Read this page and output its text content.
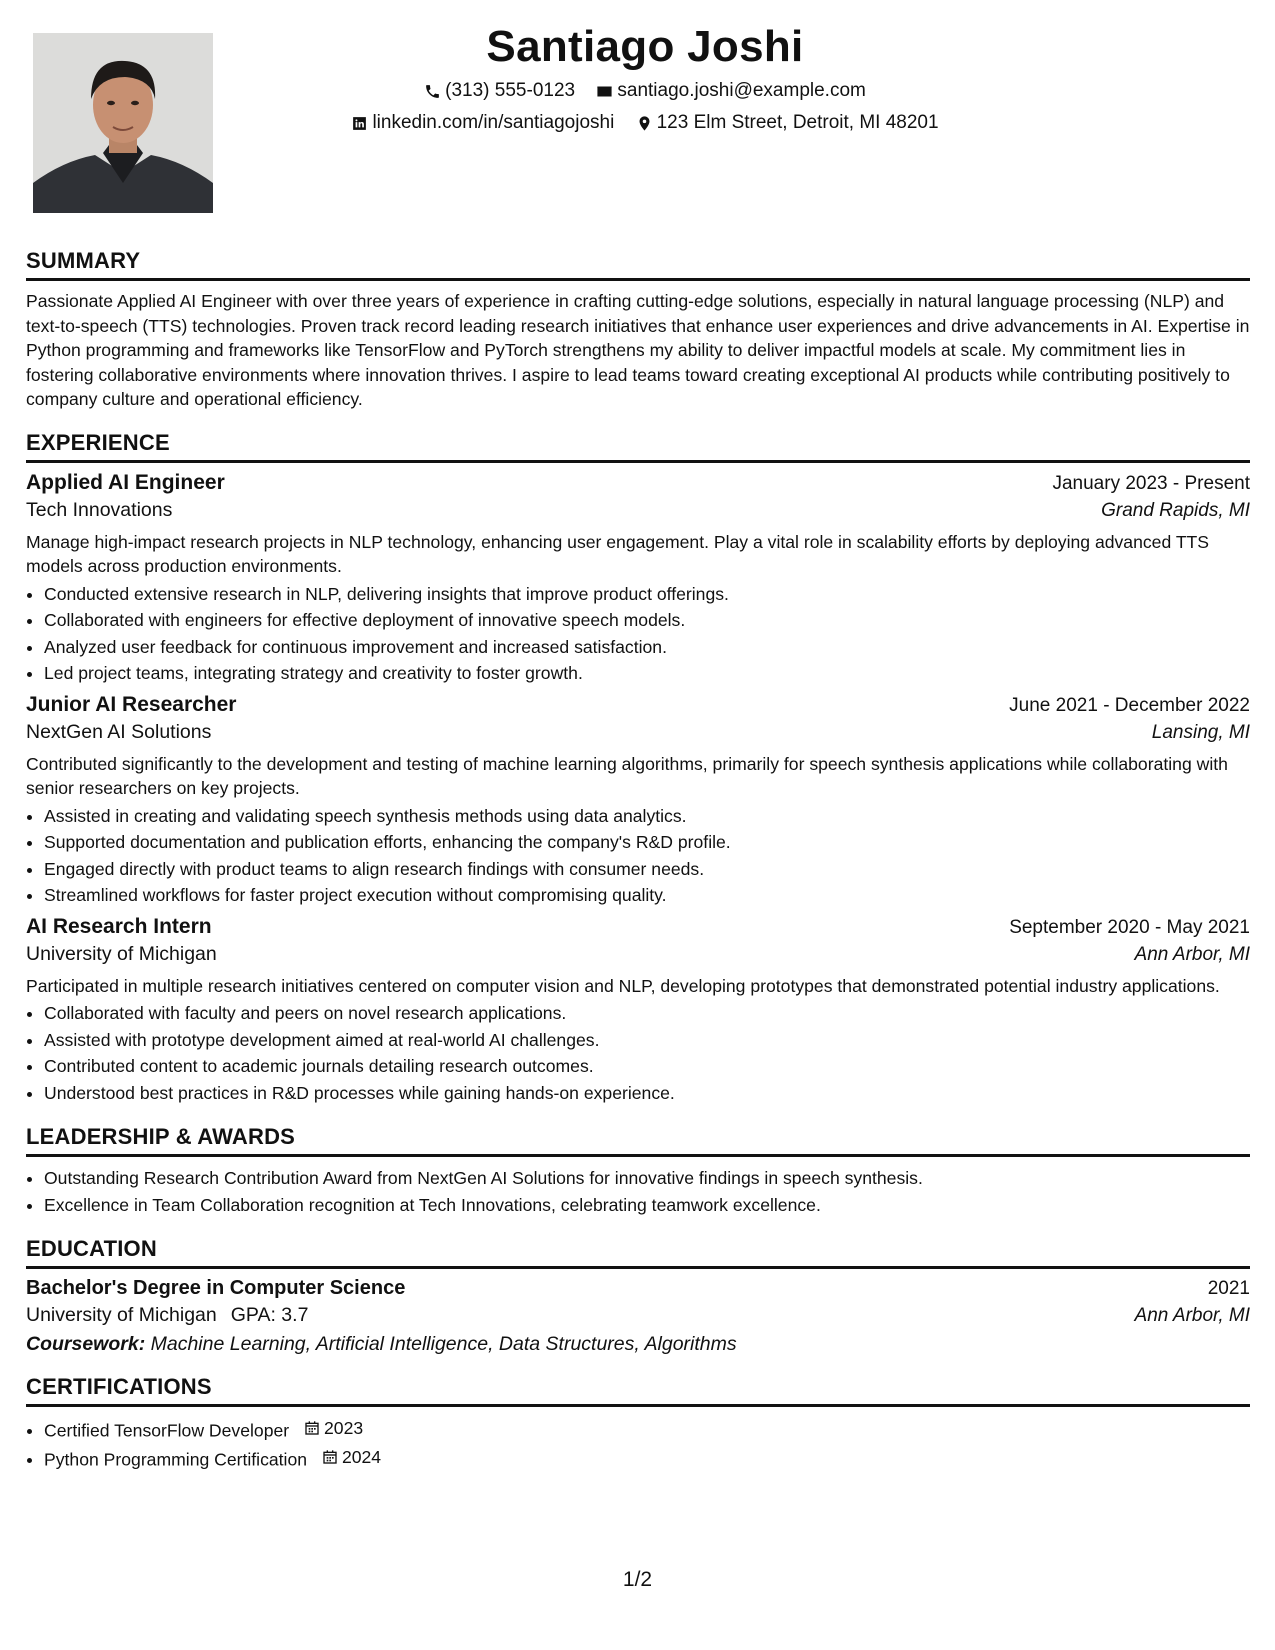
Santiago Joshi
(313) 555-0123
santiago.joshi@example.com
linkedin.com/in/santiagojoshi
123 Elm Street, Detroit, MI 48201
SUMMARY

Passionate Applied AI Engineer with over three years of experience in crafting cutting-edge solutions, especially in natural language processing (NLP) and text-to-speech (TTS) technologies. Proven track record leading research initiatives that enhance user experiences and drive advancements in AI. Expertise in Python programming and frameworks like TensorFlow and PyTorch strengthens my ability to deliver impactful models at scale. My commitment lies in fostering collaborative environments where innovation thrives. I aspire to lead teams toward creating exceptional AI products while contributing positively to company culture and operational efficiency.

EXPERIENCE
Applied AI Engineer	January 2023 - Present
Tech Innovations	Grand Rapids, MI

Manage high-impact research projects in NLP technology, enhancing user engagement. Play a vital role in scalability efforts by deploying advanced TTS models across production environments.

• Conducted extensive research in NLP, delivering insights that improve product offerings.
• Collaborated with engineers for effective deployment of innovative speech models.
• Analyzed user feedback for continuous improvement and increased satisfaction.
• Led project teams, integrating strategy and creativity to foster growth.
Junior AI Researcher	June 2021 - December 2022
NextGen AI Solutions	Lansing, MI

Contributed significantly to the development and testing of machine learning algorithms, primarily for speech synthesis applications while collaborating with senior researchers on key projects.

• Assisted in creating and validating speech synthesis methods using data analytics.
• Supported documentation and publication efforts, enhancing the company's R&D profile.
• Engaged directly with product teams to align research findings with consumer needs.
• Streamlined workflows for faster project execution without compromising quality.
AI Research Intern	September 2020 - May 2021
University of Michigan	Ann Arbor, MI

Participated in multiple research initiatives centered on computer vision and NLP, developing prototypes that demonstrated potential industry applications.

• Collaborated with faculty and peers on novel research applications.
• Assisted with prototype development aimed at real-world AI challenges.
• Contributed content to academic journals detailing research outcomes.
• Understood best practices in R&D processes while gaining hands-on experience.
LEADERSHIP & AWARDS
• Outstanding Research Contribution Award from NextGen AI Solutions for innovative findings in speech synthesis.
• Excellence in Team Collaboration recognition at Tech Innovations, celebrating teamwork excellence.
EDUCATION
Bachelor's Degree in Computer Science	2021
University of Michigan GPA: 3.7	Ann Arbor, MI
Coursework: Machine Learning, Artificial Intelligence, Data Structures, Algorithms
CERTIFICATIONS
• Certified TensorFlow Developer 2023
• Python Programming Certification 2024
1/2
